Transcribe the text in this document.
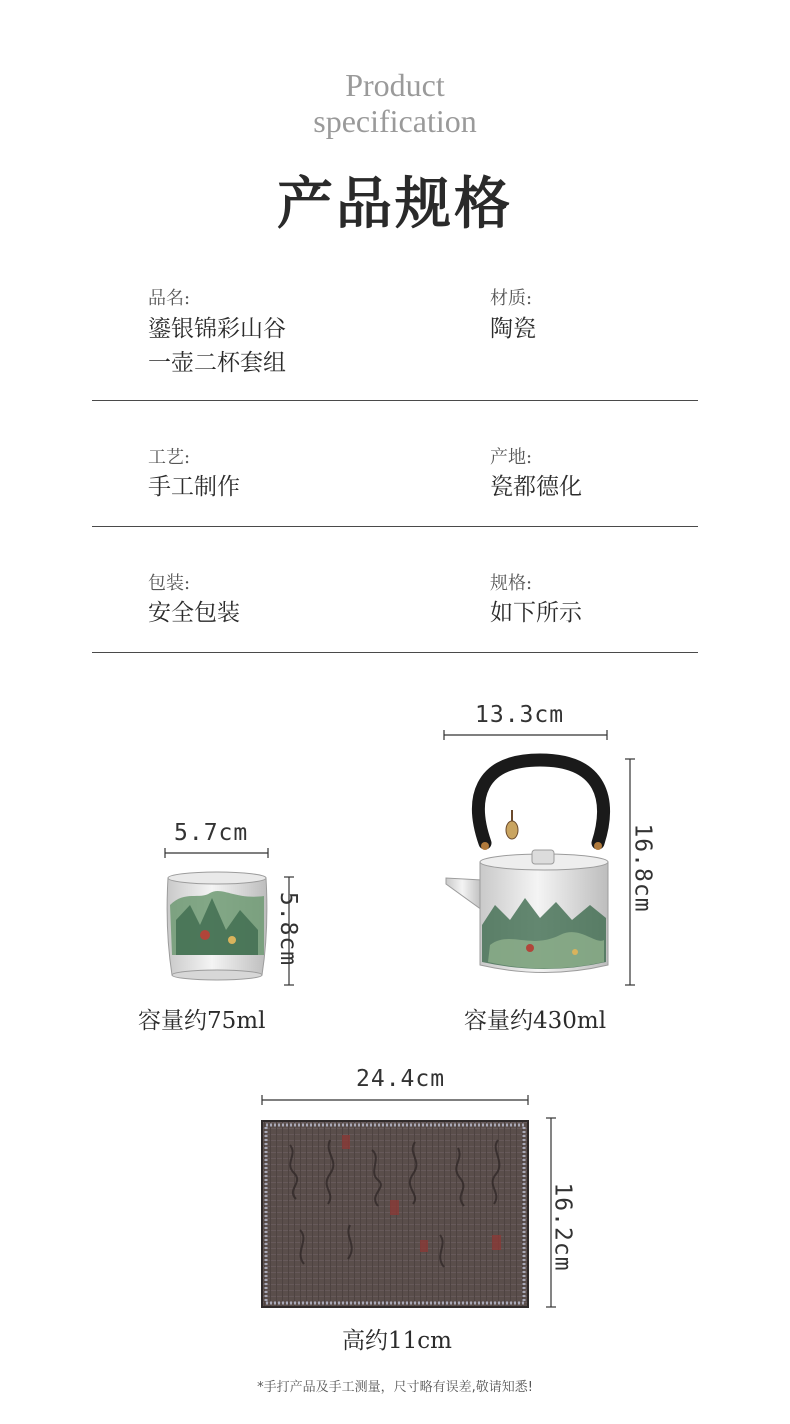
Product
specification
产品规格
品名:
鎏银锦彩山谷
一壶二杯套组
材质:
陶瓷
工艺:
手工制作
产地:
瓷都德化
包装:
安全包装
规格:
如下所示
5.7cm
5.8cm
容量约75ml
13.3cm
16.8cm
容量约430ml
24.4cm
16.2cm
高约11cm
*手打产品及手工测量，尺寸略有误差,敬请知悉!
